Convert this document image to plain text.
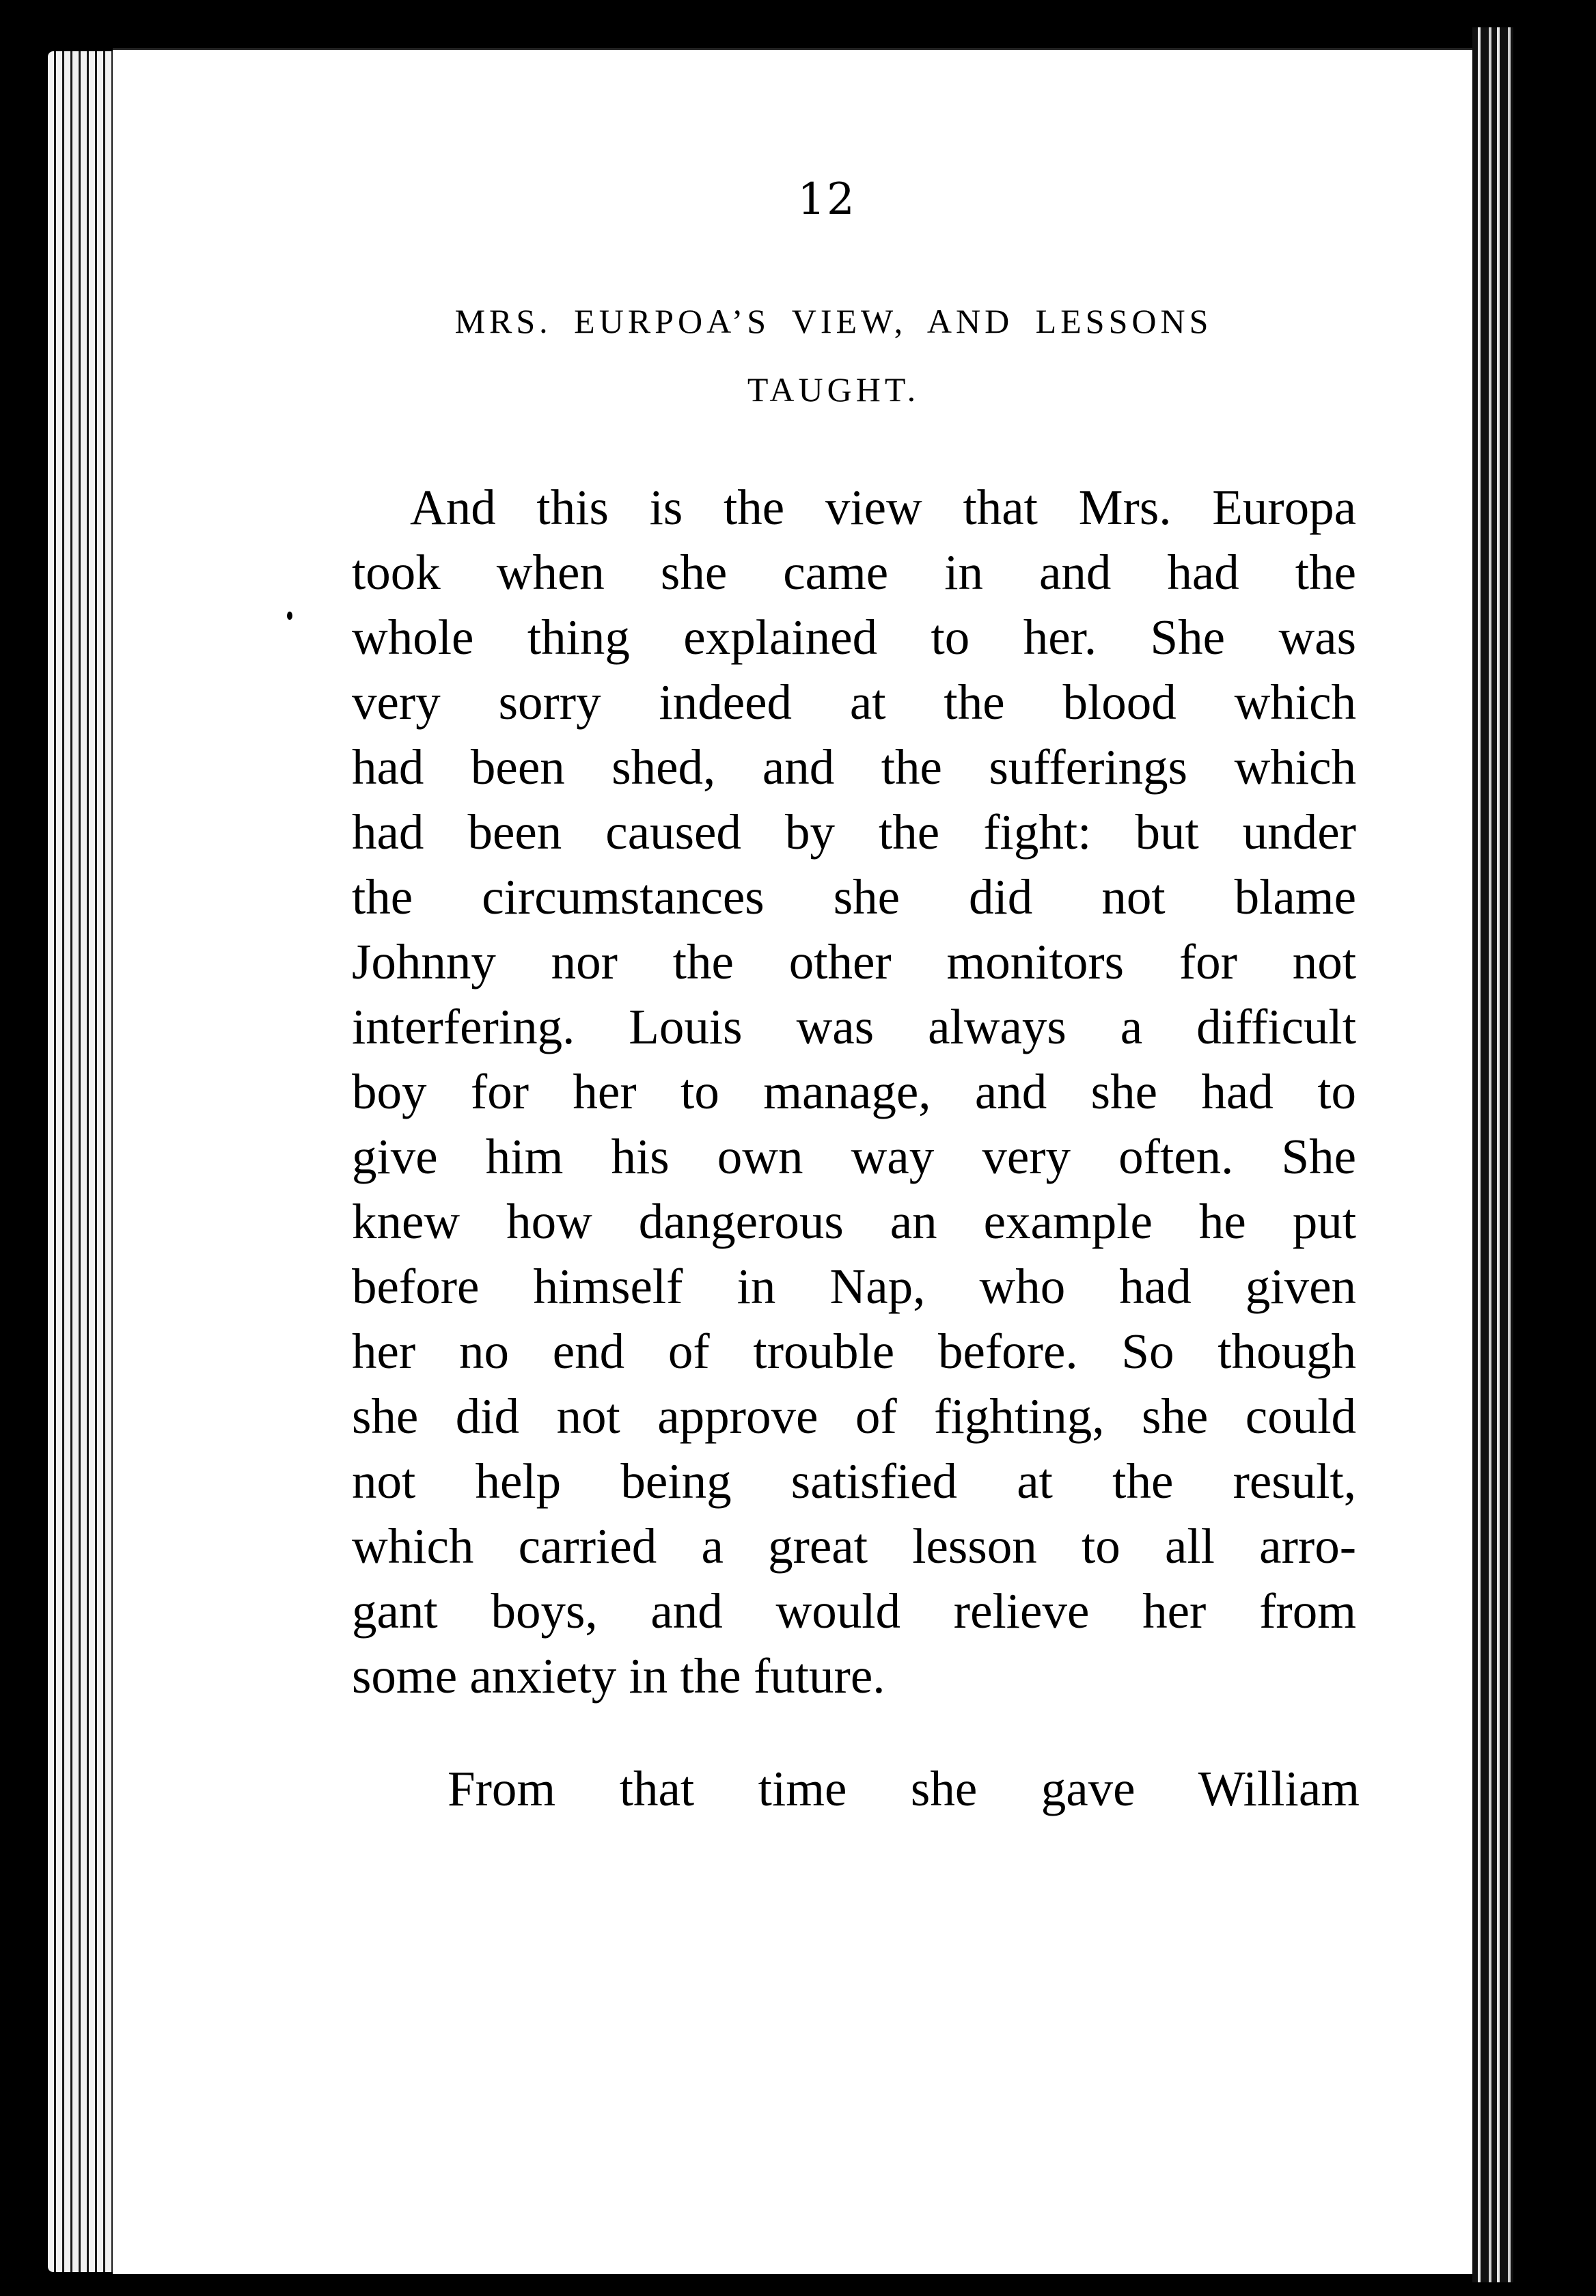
12
MRS. EURPOA’S VIEW, AND LESSONS
TAUGHT.
And this is the view that Mrs. Europa
took when she came in and had the
whole thing explained to her. She was
very sorry indeed at the blood which
had been shed, and the sufferings which
had been caused by the fight: but under
the circumstances she did not blame
Johnny nor the other monitors for not
interfering. Louis was always a difficult
boy for her to manage, and she had to
give him his own way very often. She
knew how dangerous an example he put
before himself in Nap, who had given
her no end of trouble before. So though
she did not approve of fighting, she could
not help being satisfied at the result,
which carried a great lesson to all arro-
gant boys, and would relieve her from
some anxiety in the future.
From that time she gave William
